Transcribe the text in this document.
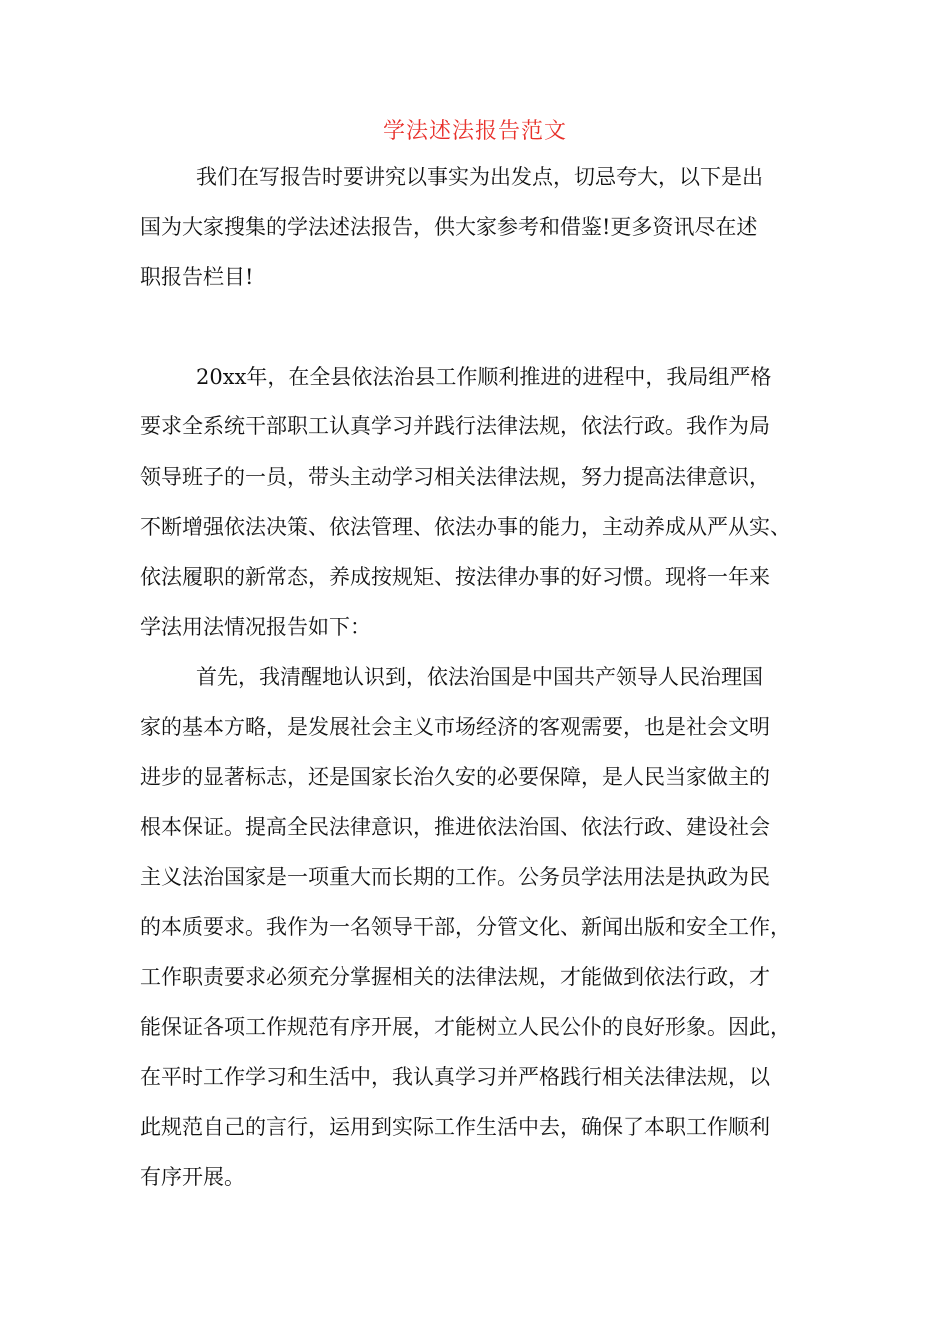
学法述法报告范文
我们在写报告时要讲究以事实为出发点，切忌夸大，以下是出
国为大家搜集的学法述法报告，供大家参考和借鉴!更多资讯尽在述
职报告栏目!
20xx年，在全县依法治县工作顺利推进的进程中，我局组严格
要求全系统干部职工认真学习并践行法律法规，依法行政。我作为局
领导班子的一员，带头主动学习相关法律法规，努力提高法律意识，
不断增强依法决策、依法管理、依法办事的能力，主动养成从严从实、
依法履职的新常态，养成按规矩、按法律办事的好习惯。现将一年来
学法用法情况报告如下：
首先，我清醒地认识到，依法治国是中国共产领导人民治理国
家的基本方略，是发展社会主义市场经济的客观需要，也是社会文明
进步的显著标志，还是国家长治久安的必要保障，是人民当家做主的
根本保证。提高全民法律意识，推进依法治国、依法行政、建设社会
主义法治国家是一项重大而长期的工作。公务员学法用法是执政为民
的本质要求。我作为一名领导干部，分管文化、新闻出版和安全工作，
工作职责要求必须充分掌握相关的法律法规，才能做到依法行政，才
能保证各项工作规范有序开展，才能树立人民公仆的良好形象。因此，
在平时工作学习和生活中，我认真学习并严格践行相关法律法规，以
此规范自己的言行，运用到实际工作生活中去，确保了本职工作顺利
有序开展。
